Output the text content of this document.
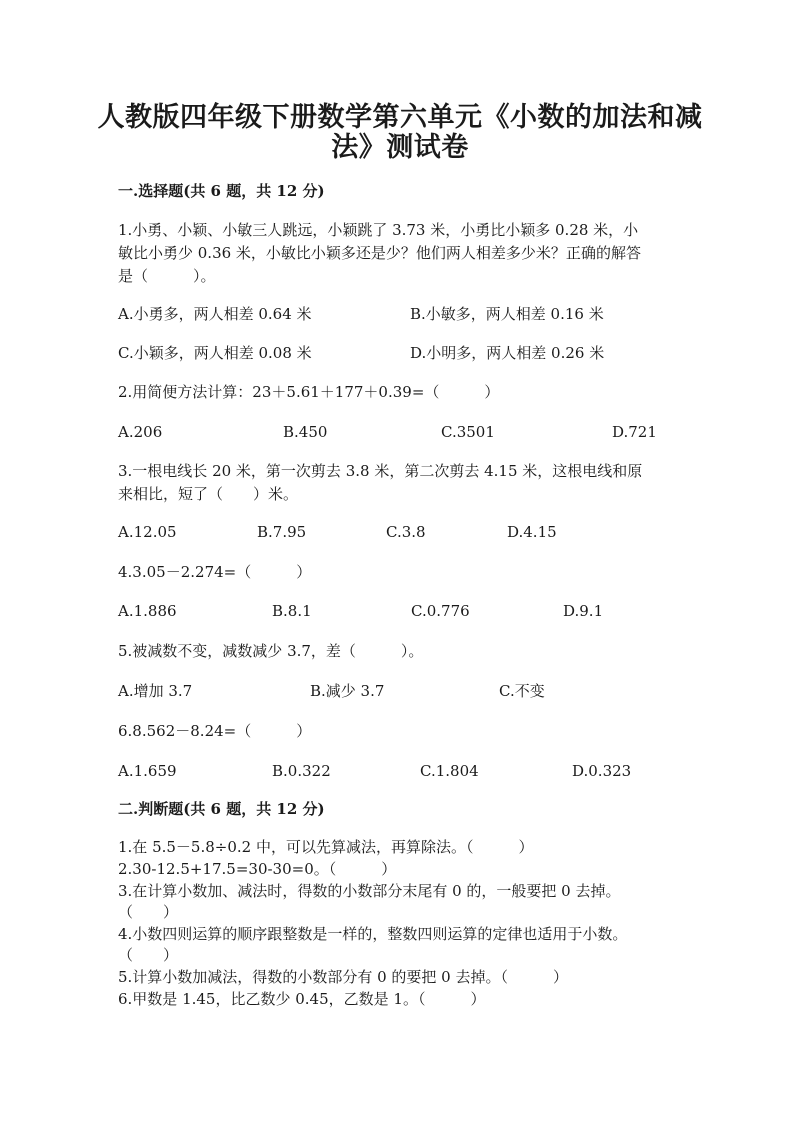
人教版四年级下册数学第六单元《小数的加法和减
法》测试卷
一.选择题(共 6 题，共 12 分)
1.小勇、小颖、小敏三人跳远，小颖跳了 3.73 米，小勇比小颖多 0.28 米，小
敏比小勇少 0.36 米，小敏比小颖多还是少？他们两人相差多少米？正确的解答
是（　　　）。
A.小勇多，两人相差 0.64 米	B.小敏多，两人相差 0.16 米
C.小颖多，两人相差 0.08 米	D.小明多，两人相差 0.26 米
2.用简便方法计算：23＋5.61＋177＋0.39=（　　　）
A.206	B.450	C.3501	D.721
3.一根电线长 20 米，第一次剪去 3.8 米，第二次剪去 4.15 米，这根电线和原
来相比，短了（　　）米。
A.12.05	B.7.95	C.3.8	D.4.15
4.3.05－2.274=（　　　）
A.1.886	B.8.1	C.0.776	D.9.1
5.被减数不变，减数减少 3.7，差（　　　）。
A.增加 3.7	B.减少 3.7	C.不变
6.8.562－8.24=（　　　）
A.1.659	B.0.322	C.1.804	D.0.323
二.判断题(共 6 题，共 12 分)
1.在 5.5－5.8÷0.2 中，可以先算减法，再算除法。（　　　）
2.30-12.5+17.5=30-30=0。（　　　）
3.在计算小数加、减法时，得数的小数部分末尾有 0 的，一般要把 0 去掉。
（　　）
4.小数四则运算的顺序跟整数是一样的，整数四则运算的定律也适用于小数。
（　　）
5.计算小数加减法，得数的小数部分有 0 的要把 0 去掉。（　　　）
6.甲数是 1.45，比乙数少 0.45，乙数是 1。（　　　）
